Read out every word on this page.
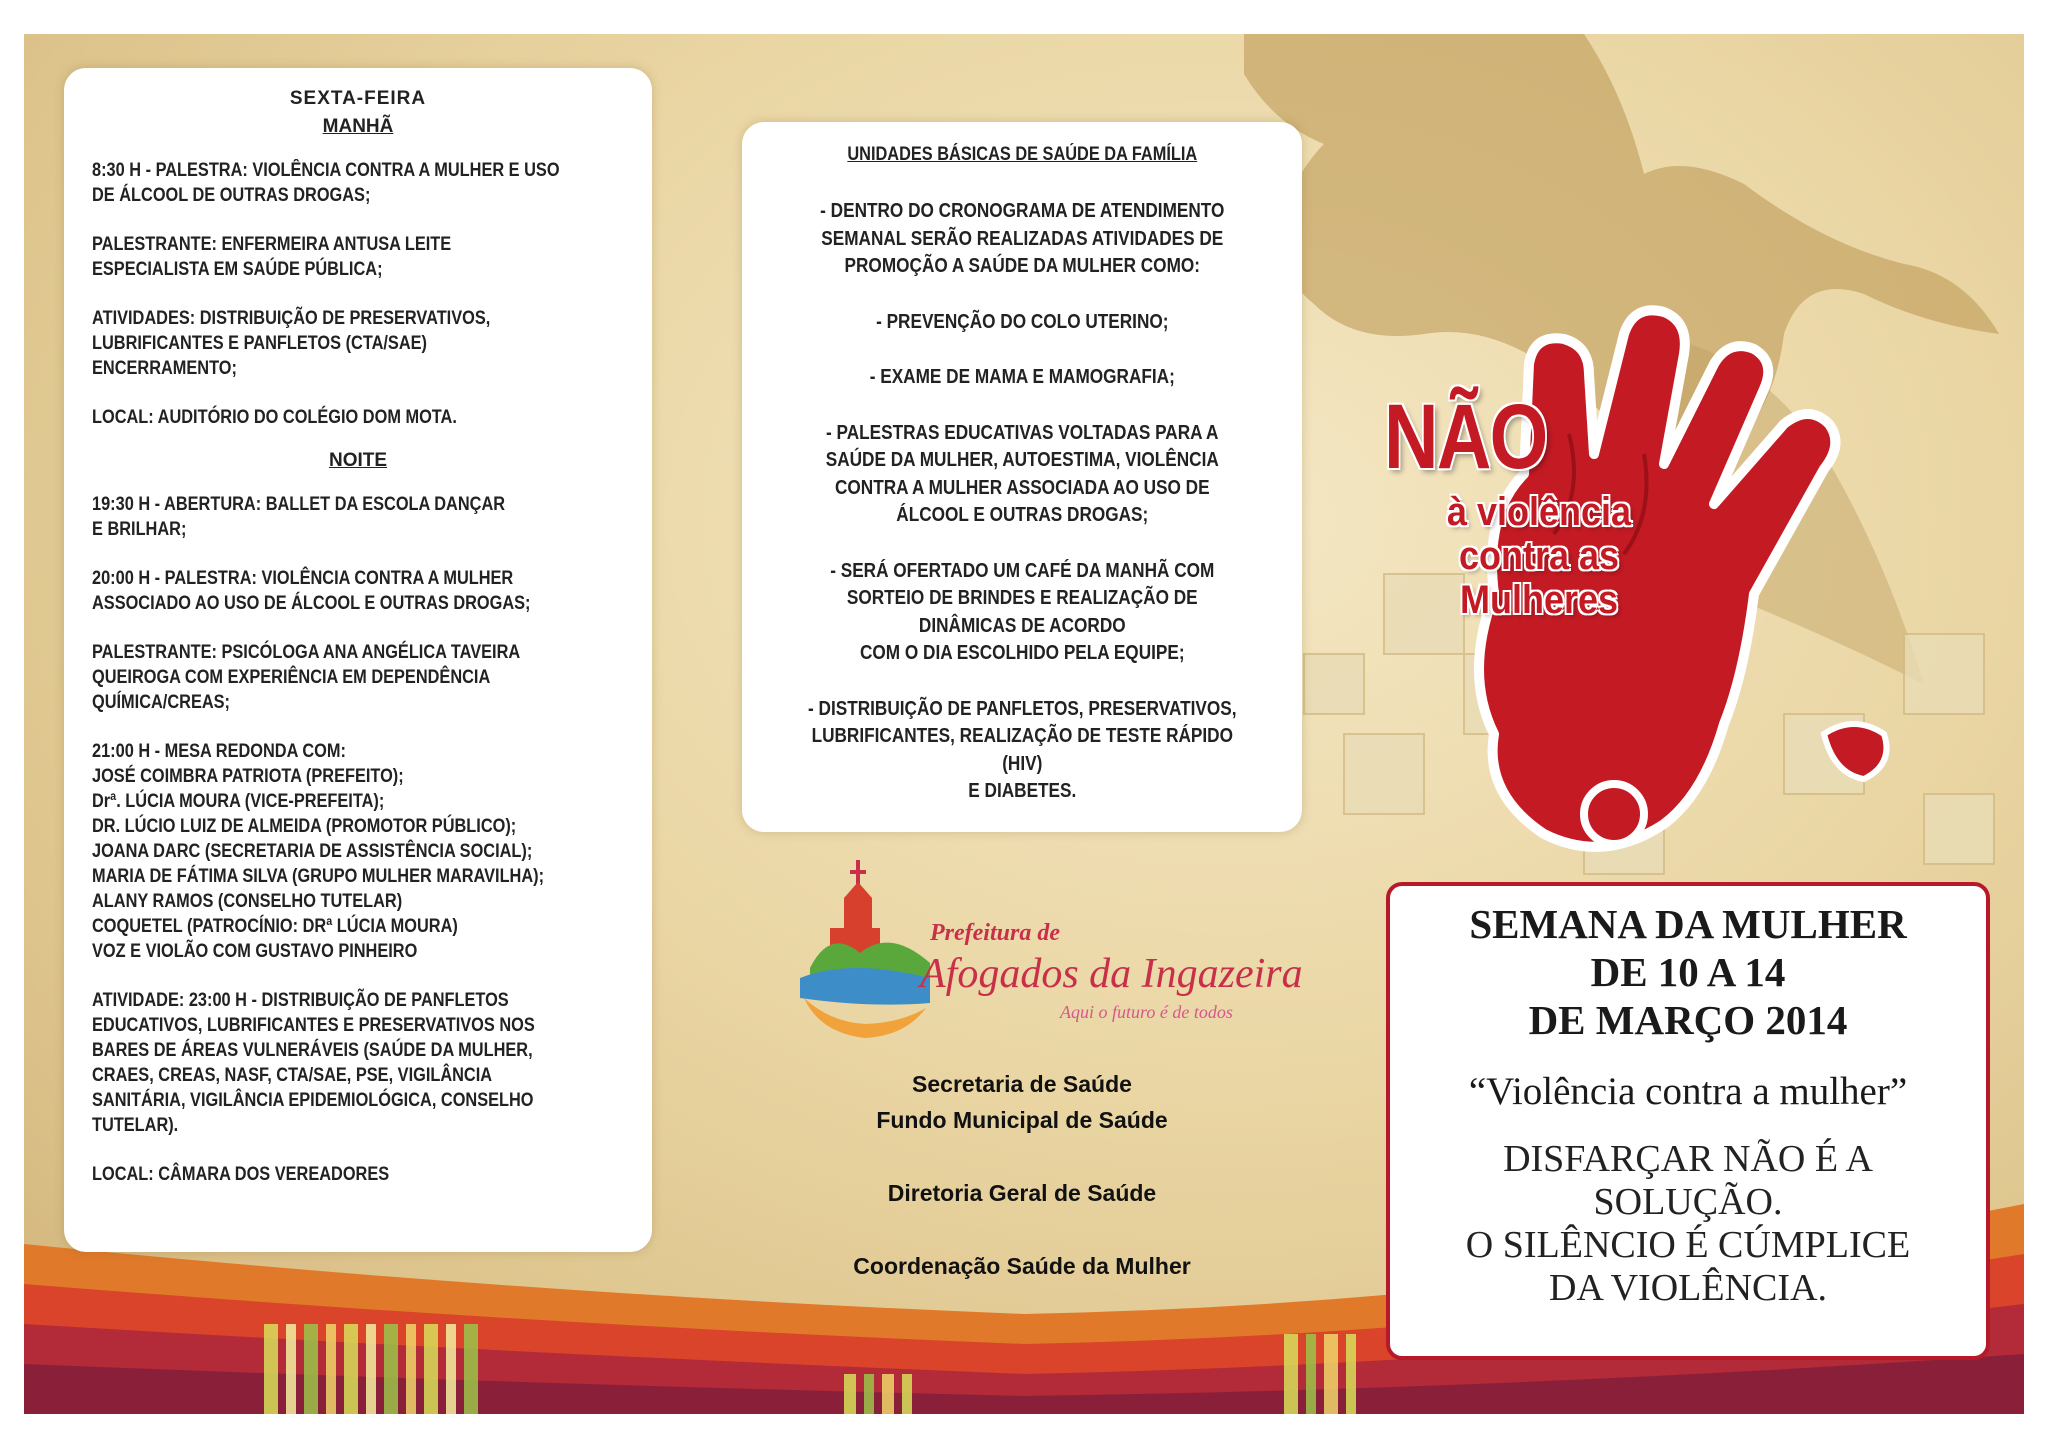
SEXTA-FEIRA
MANHÃ
8:30 H - PALESTRA: VIOLÊNCIA CONTRA A MULHER E USO
DE ÁLCOOL DE OUTRAS DROGAS;
PALESTRANTE: ENFERMEIRA ANTUSA LEITE
ESPECIALISTA EM SAÚDE PÚBLICA;
ATIVIDADES: DISTRIBUIÇÃO DE PRESERVATIVOS,
LUBRIFICANTES E PANFLETOS (CTA/SAE)
ENCERRAMENTO;
LOCAL: AUDITÓRIO DO COLÉGIO DOM MOTA.
NOITE
19:30 H - ABERTURA: BALLET DA ESCOLA DANÇAR
E BRILHAR;
20:00 H - PALESTRA: VIOLÊNCIA CONTRA A MULHER
ASSOCIADO AO USO DE ÁLCOOL E OUTRAS DROGAS;
PALESTRANTE: PSICÓLOGA ANA ANGÉLICA TAVEIRA
QUEIROGA COM EXPERIÊNCIA EM DEPENDÊNCIA
QUÍMICA/CREAS;
21:00 H - MESA REDONDA COM:
JOSÉ COIMBRA PATRIOTA (PREFEITO);
Drª. LÚCIA MOURA (VICE-PREFEITA);
DR. LÚCIO LUIZ DE ALMEIDA (PROMOTOR PÚBLICO);
JOANA DARC (SECRETARIA DE ASSISTÊNCIA SOCIAL);
MARIA DE FÁTIMA SILVA (GRUPO MULHER MARAVILHA);
ALANY RAMOS (CONSELHO TUTELAR)
COQUETEL (PATROCÍNIO: DRª LÚCIA MOURA)
VOZ E VIOLÃO COM GUSTAVO PINHEIRO
ATIVIDADE: 23:00 H - DISTRIBUIÇÃO DE PANFLETOS
EDUCATIVOS, LUBRIFICANTES E PRESERVATIVOS NOS
BARES DE ÁREAS VULNERÁVEIS (SAÚDE DA MULHER,
CRAES, CREAS, NASF, CTA/SAE, PSE, VIGILÂNCIA
SANITÁRIA, VIGILÂNCIA EPIDEMIOLÓGICA, CONSELHO
TUTELAR).
LOCAL: CÂMARA DOS VEREADORES
UNIDADES BÁSICAS DE SAÚDE DA FAMÍLIA
- DENTRO DO CRONOGRAMA DE ATENDIMENTO
SEMANAL SERÃO REALIZADAS ATIVIDADES DE
PROMOÇÃO A SAÚDE DA MULHER COMO:
- PREVENÇÃO DO COLO UTERINO;
- EXAME DE MAMA E MAMOGRAFIA;
- PALESTRAS EDUCATIVAS VOLTADAS PARA A
SAÚDE DA MULHER, AUTOESTIMA, VIOLÊNCIA
CONTRA A MULHER ASSOCIADA AO USO DE
ÁLCOOL E OUTRAS DROGAS;
- SERÁ OFERTADO UM CAFÉ DA MANHÃ COM
SORTEIO DE BRINDES E REALIZAÇÃO DE
DINÂMICAS DE ACORDO
COM O DIA ESCOLHIDO PELA EQUIPE;
- DISTRIBUIÇÃO DE PANFLETOS, PRESERVATIVOS,
LUBRIFICANTES, REALIZAÇÃO DE TESTE RÁPIDO
(HIV)
E DIABETES.
Prefeitura de
Afogados da Ingazeira
Aqui o futuro é de todos
Secretaria de Saúde
Fundo Municipal de Saúde
Diretoria Geral de Saúde
Coordenação Saúde da Mulher
NÃO
à violência
contra as
Mulheres
SEMANA DA MULHER
DE 10 A 14
DE MARÇO 2014
“Violência contra a mulher”
DISFARÇAR NÃO É A
SOLUÇÃO.
O SILÊNCIO É CÚMPLICE
DA VIOLÊNCIA.
